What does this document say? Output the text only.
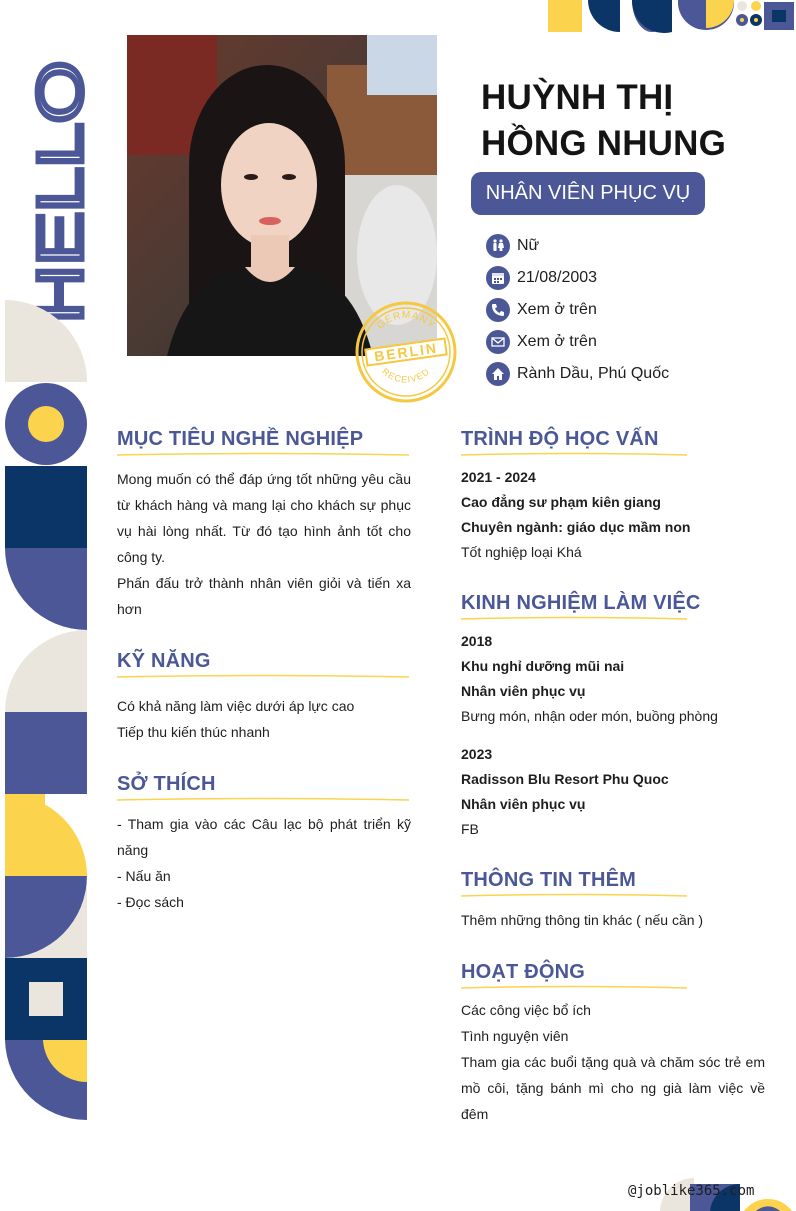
HELLO
GERMANY
BERLIN
RECEIVED
HUỲNH THỊ
HỒNG NHUNG
NHÂN VIÊN PHỤC VỤ
Nữ
21/08/2003
Xem ở trên
Xem ở trên
Rành Dầu, Phú Quốc
MỤC TIÊU NGHỀ NGHIỆP
Mong muốn có thể đáp ứng tốt những yêu cầu từ khách hàng và mang lại cho khách sự phục vụ hài lòng nhất. Từ đó tạo hình ảnh tốt cho công ty.
Phấn đấu trở thành nhân viên giỏi và tiến xa hơn
KỸ NĂNG
Có khả năng làm việc dưới áp lực cao
Tiếp thu kiến thúc nhanh
SỞ THÍCH
- Tham gia vào các Câu lạc bộ phát triển kỹ năng
- Nấu ăn
- Đọc sách
TRÌNH ĐỘ HỌC VẤN
2021 - 2024
Cao đẳng sư phạm kiên giang
Chuyên ngành: giáo dục mầm non
Tốt nghiệp loại Khá
KINH NGHIỆM LÀM VIỆC
2018
Khu nghỉ dưỡng mũi nai
Nhân viên phục vụ
Bưng món, nhận oder món, buồng phòng
2023
Radisson Blu Resort Phu Quoc
Nhân viên phục vụ
FB
THÔNG TIN THÊM
Thêm những thông tin khác ( nếu cần )
HOẠT ĐỘNG
Các công việc bổ ích
Tình nguyện viên
Tham gia các buổi tặng quà và chăm sóc trẻ em mồ côi, tặng bánh mì cho ng già làm việc về đêm
@joblike365.com
